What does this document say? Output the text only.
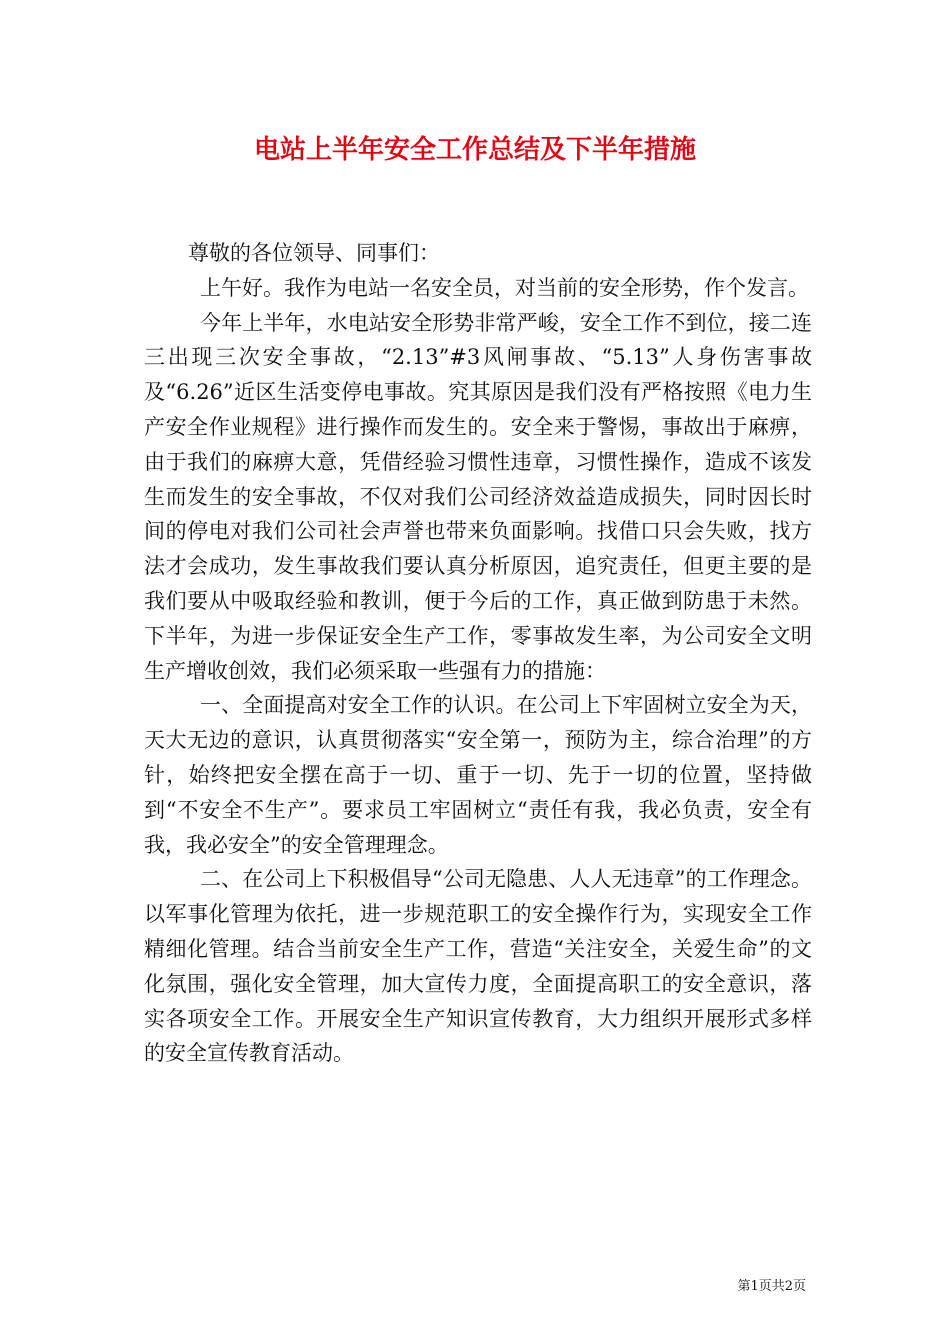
电站上半年安全工作总结及下半年措施

尊敬的各位领导、同事们：

上午好。我作为电站一名安全员，对当前的安全形势，作个发言。

今年上半年，水电站安全形势非常严峻，安全工作不到位，接二连三出现三次安全事故，“2.13”#3风闸事故、“5.13”人身伤害事故及“6.26”近区生活变停电事故。究其原因是我们没有严格按照《电力生产安全作业规程》进行操作而发生的。安全来于警惕，事故出于麻痹，由于我们的麻痹大意，凭借经验习惯性违章，习惯性操作，造成不该发生而发生的安全事故，不仅对我们公司经济效益造成损失，同时因长时间的停电对我们公司社会声誉也带来负面影响。找借口只会失败，找方法才会成功，发生事故我们要认真分析原因，追究责任，但更主要的是我们要从中吸取经验和教训，便于今后的工作，真正做到防患于未然。下半年，为进一步保证安全生产工作，零事故发生率，为公司安全文明生产增收创效，我们必须采取一些强有力的措施：

一、全面提高对安全工作的认识。在公司上下牢固树立安全为天，天大无边的意识，认真贯彻落实“安全第一，预防为主，综合治理”的方针，始终把安全摆在高于一切、重于一切、先于一切的位置，坚持做到“不安全不生产”。要求员工牢固树立“责任有我，我必负责，安全有我，我必安全”的安全管理理念。

二、在公司上下积极倡导“公司无隐患、人人无违章”的工作理念。以军事化管理为依托，进一步规范职工的安全操作行为，实现安全工作精细化管理。结合当前安全生产工作，营造“关注安全，关爱生命”的文化氛围，强化安全管理，加大宣传力度，全面提高职工的安全意识，落实各项安全工作。开展安全生产知识宣传教育，大力组织开展形式多样的安全宣传教育活动。

第1页共2页
